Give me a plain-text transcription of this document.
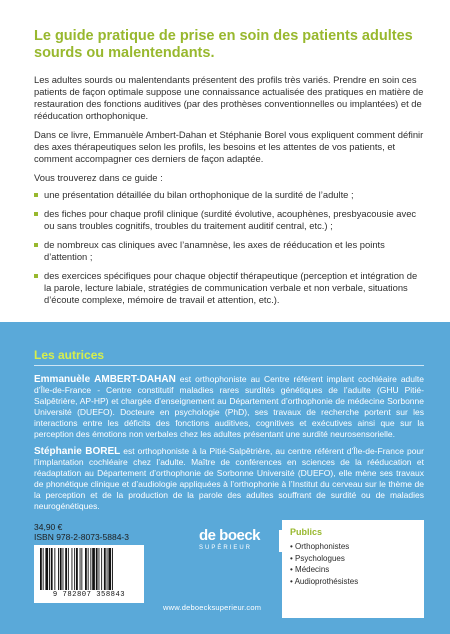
Le guide pratique de prise en soin des patients adultes sourds ou malentendants.

Les adultes sourds ou malentendants présentent des profils très variés. Prendre en soin ces patients de façon optimale suppose une connaissance actualisée des pratiques en matière de restauration des fonctions auditives (par des prothèses conventionnelles ou implantées) et de rééducation orthophonique.

Dans ce livre, Emmanuèle Ambert-Dahan et Stéphanie Borel vous expliquent comment définir des axes thérapeutiques selon les profils, les besoins et les attentes de vos patients, et comment accompagner ces derniers de façon adaptée.

Vous trouverez dans ce guide :

une présentation détaillée du bilan orthophonique de la surdité de l’adulte ;
des fiches pour chaque profil clinique (surdité évolutive, acouphènes, presbyacousie avec ou sans troubles cognitifs, troubles du traitement auditif central, etc.) ;
de nombreux cas cliniques avec l’anamnèse, les axes de rééducation et les points d’attention ;
des exercices spécifiques pour chaque objectif thérapeutique (perception et intégration de la parole, lecture labiale, stratégies de communication verbale et non verbale, situations d’écoute complexe, mémoire de travail et attention, etc.).
Les autrices

Emmanuèle AMBERT-DAHAN est orthophoniste au Centre référent implant cochléaire adulte d’Île-de-France - Centre constitutif maladies rares surdités génétiques de l’adulte (GHU Pitié-Salpêtrière, AP-HP) et chargée d’enseignement au Département d’orthophonie de médecine Sorbonne Université (DUEFO). Docteure en psychologie (PhD), ses travaux de recherche portent sur les interactions entre les déficits des fonctions auditives, cognitives et exécutives ainsi que sur la perception des émotions non verbales chez les adultes présentant une surdité neurosensorielle.

Stéphanie BOREL est orthophoniste à la Pitié-Salpêtrière, au centre référent d’Île-de-France pour l’implantation cochléaire chez l’adulte. Maître de conférences en sciences de la rééducation et réadaptation au Département d’orthophonie de Sorbonne Université (DUEFO), elle mène ses travaux de phonétique clinique et d’audiologie appliquées à l’orthophonie à l’Institut du cerveau sur le thème de la perception et de la production de la parole des adultes souffrant de surdité ou de maladies neurogénétiques.

34,90 €
ISBN 978-2-8073-5884-3
9 782807 358843
de boeck
SUPÉRIEUR
www.deboecksuperieur.com
Publics
• Orthophonistes
• Psychologues
• Médecins
• Audioprothésistes
